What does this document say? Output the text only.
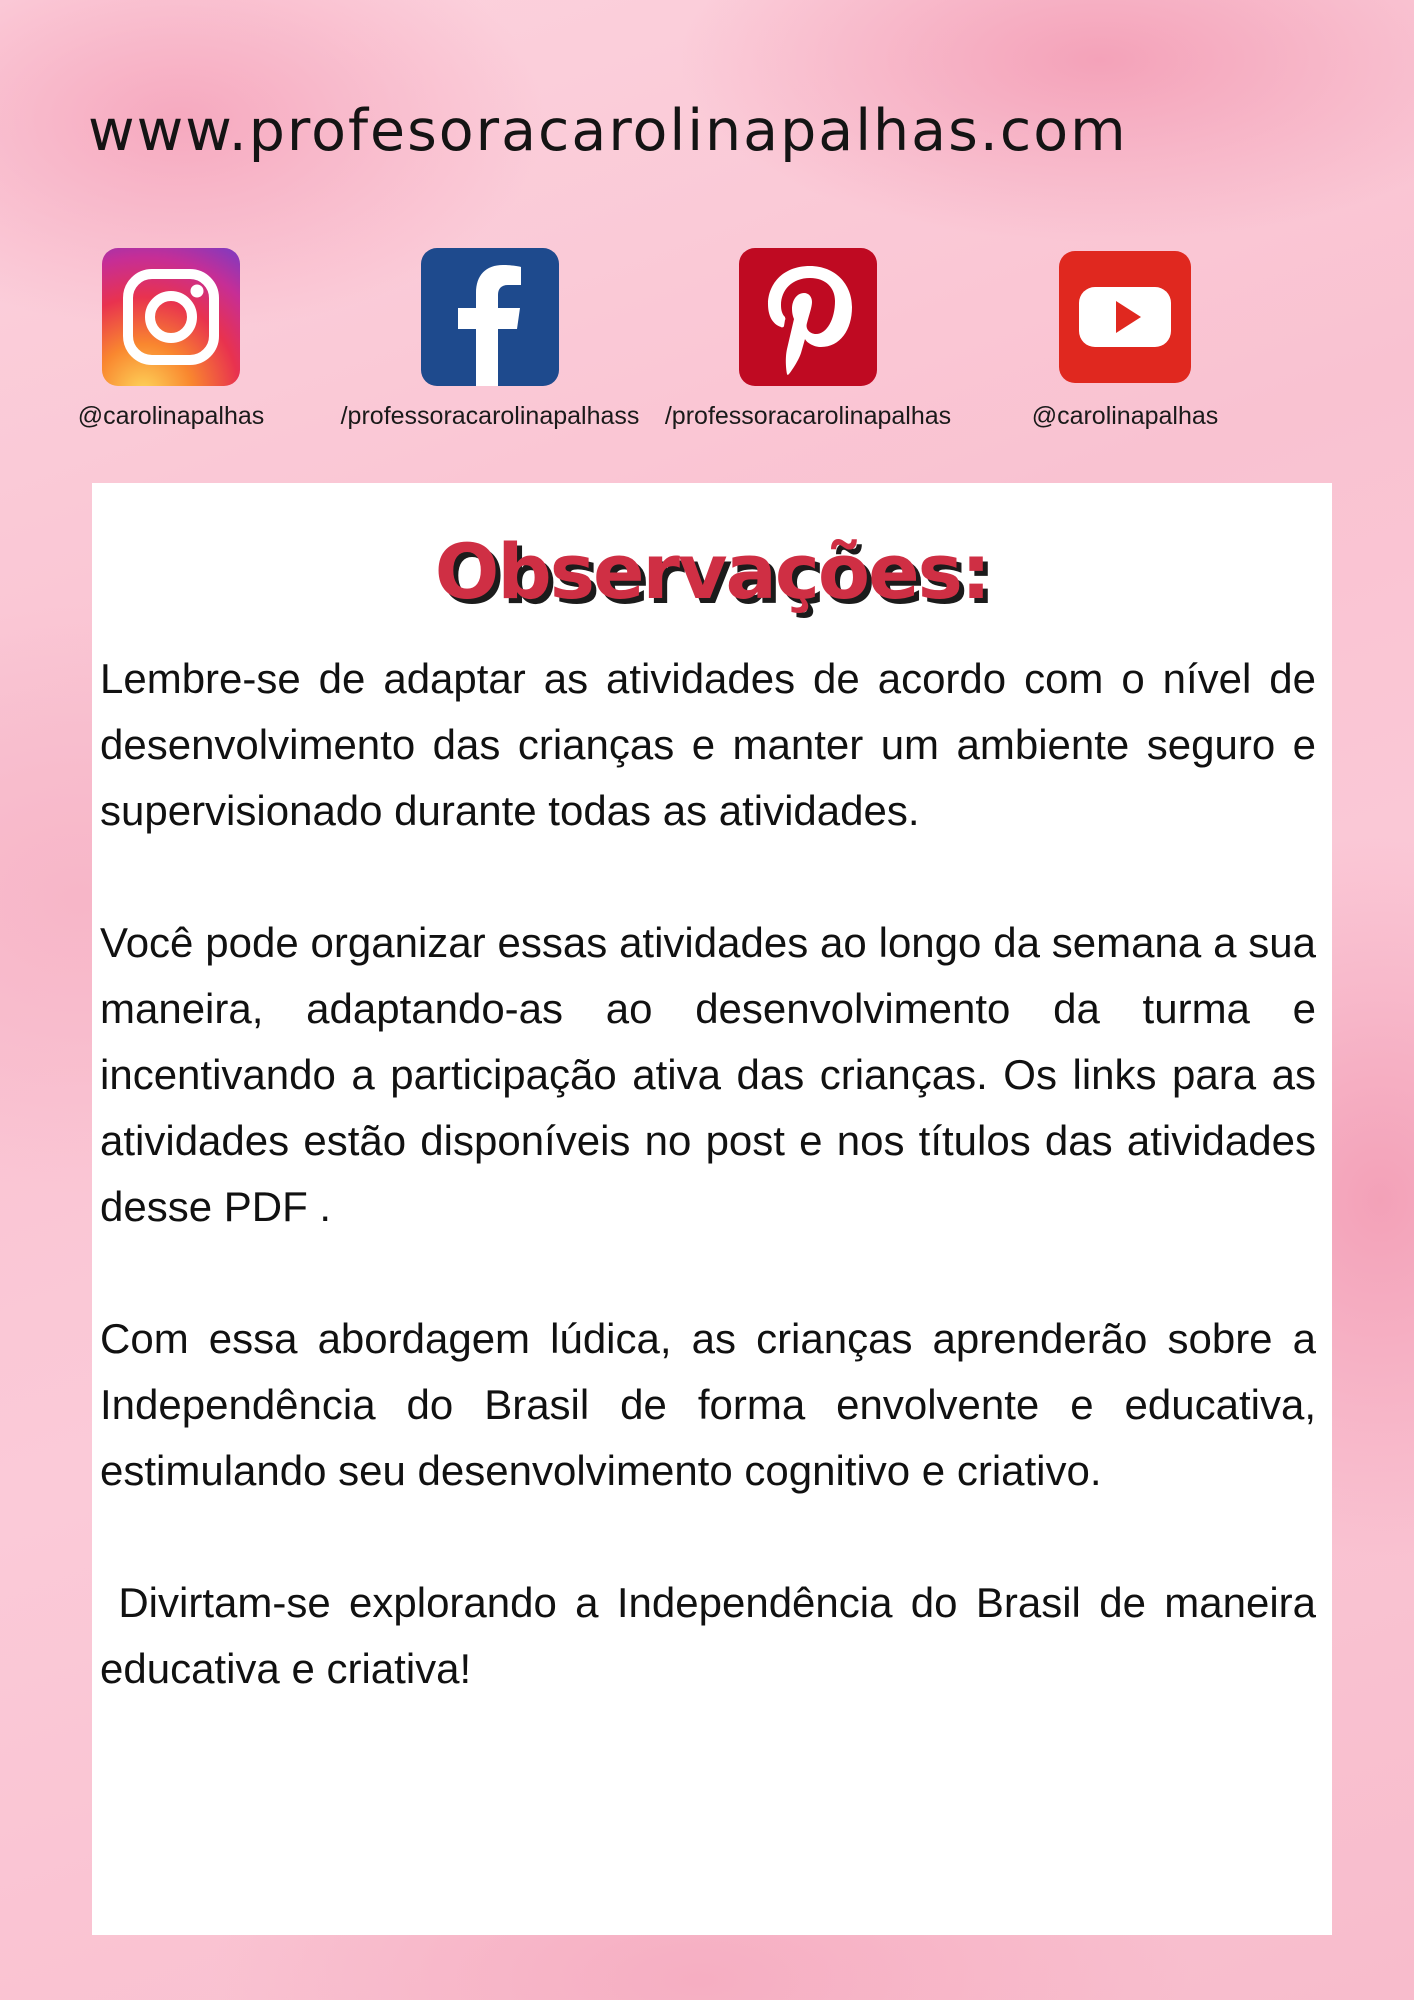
www.profesoracarolinapalhas.com
@carolinapalhas	/professoracarolinapalhass	/professoracarolinapalhas	@carolinapalhas
Observações:

Lembre-se de adaptar as atividades de acordo com o nível de desenvolvimento das crianças e manter um ambiente seguro e supervisionado durante todas as atividades.

Você pode organizar essas atividades ao longo da semana a sua maneira, adaptando-as ao desenvolvimento da turma e incentivando a participação ativa das crianças. Os links para as atividades estão disponíveis no post e nos títulos das atividades desse PDF .

Com essa abordagem lúdica, as crianças aprenderão sobre a Independência do Brasil de forma envolvente e educativa, estimulando seu desenvolvimento cognitivo e criativo.

Divirtam-se explorando a Independência do Brasil de maneira educativa e criativa!
